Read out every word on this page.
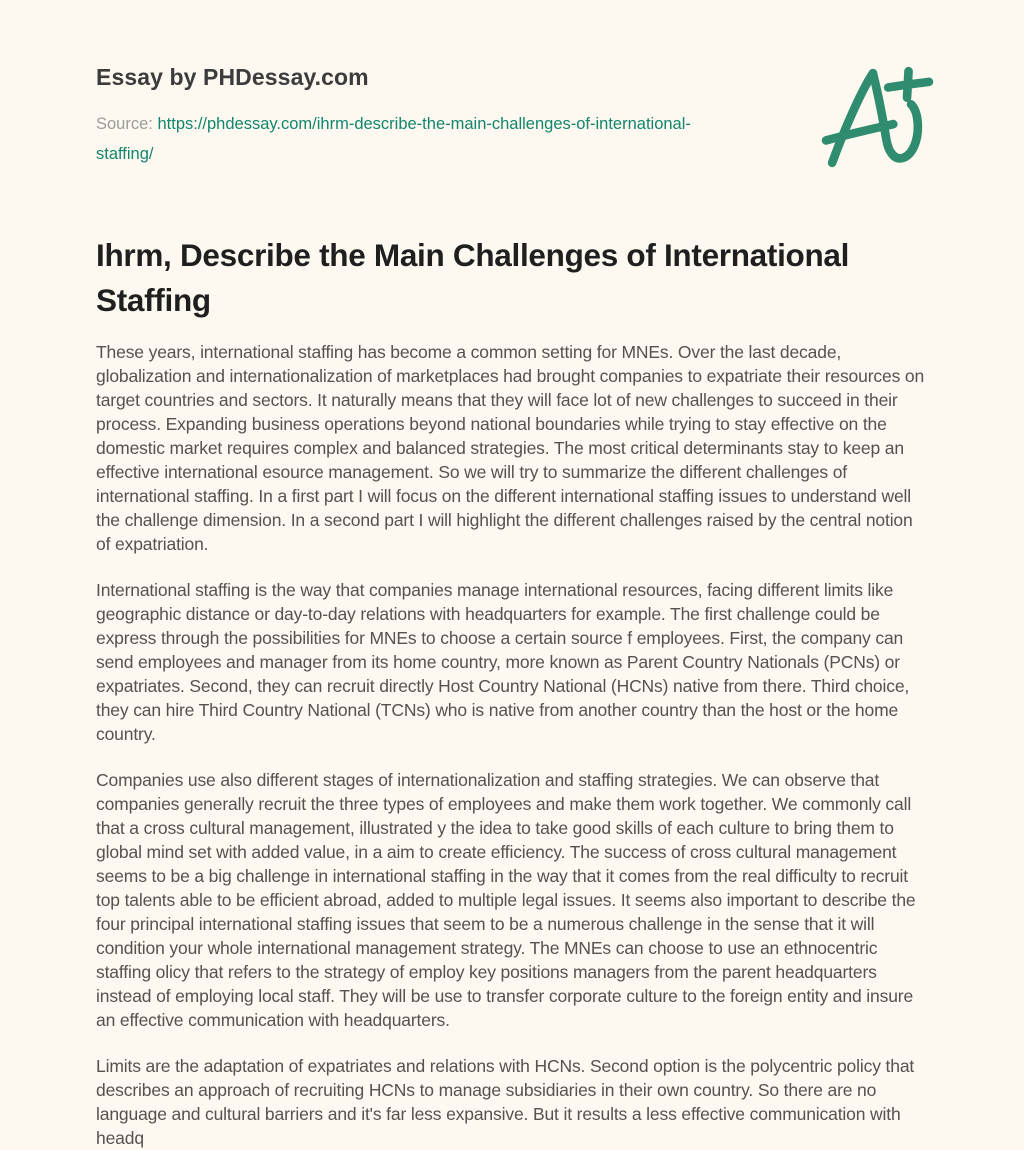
Essay by PHDessay.com

Source: https://phdessay.com/ihrm-describe-the-main-challenges-of-international-staffing/

Ihrm, Describe the Main Challenges of International Staffing

These years, international staffing has become a common setting for MNEs. Over the last decade, globalization and internationalization of marketplaces had brought companies to expatriate their resources on target countries and sectors. It naturally means that they will face lot of new challenges to succeed in their process. Expanding business operations beyond national boundaries while trying to stay effective on the domestic market requires complex and balanced strategies. The most critical determinants stay to keep an effective international esource management. So we will try to summarize the different challenges of international staffing. In a first part I will focus on the different international staffing issues to understand well the challenge dimension. In a second part I will highlight the different challenges raised by the central notion of expatriation.

International staffing is the way that companies manage international resources, facing different limits like geographic distance or day-to-day relations with headquarters for example. The first challenge could be express through the possibilities for MNEs to choose a certain source f employees. First, the company can send employees and manager from its home country, more known as Parent Country Nationals (PCNs) or expatriates. Second, they can recruit directly Host Country National (HCNs) native from there. Third choice, they can hire Third Country National (TCNs) who is native from another country than the host or the home country.

Companies use also different stages of internationalization and staffing strategies. We can observe that companies generally recruit the three types of employees and make them work together. We commonly call that a cross cultural management, illustrated y the idea to take good skills of each culture to bring them to global mind set with added value, in a aim to create efficiency. The success of cross cultural management seems to be a big challenge in international staffing in the way that it comes from the real difficulty to recruit top talents able to be efficient abroad, added to multiple legal issues. It seems also important to describe the four principal international staffing issues that seem to be a numerous challenge in the sense that it will condition your whole international management strategy. The MNEs can choose to use an ethnocentric staffing olicy that refers to the strategy of employ key positions managers from the parent headquarters instead of employing local staff. They will be use to transfer corporate culture to the foreign entity and insure an effective communication with headquarters.

Limits are the adaptation of expatriates and relations with HCNs. Second option is the polycentric policy that describes an approach of recruiting HCNs to manage subsidiaries in their own country. So there are no language and cultural barriers and it's far less expansive. But it results a less effective communication with headq
